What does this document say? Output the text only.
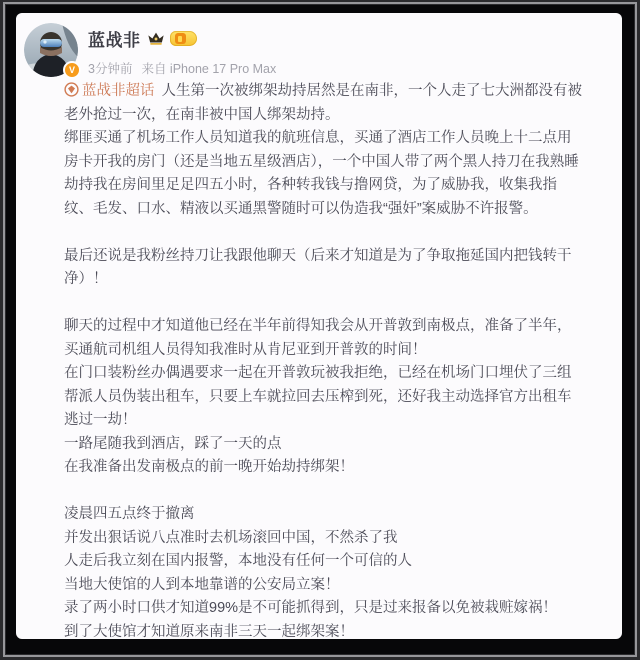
V
蓝战非
3分钟前 来自 iPhone 17 Pro Max
蓝战非超话 人生第一次被绑架劫持居然是在南非，一个人走了七大洲都没有被老外抢过一次，在南非被中国人绑架劫持。
绑匪买通了机场工作人员知道我的航班信息，买通了酒店工作人员晚上十二点用房卡开我的房门（还是当地五星级酒店），一个中国人带了两个黑人持刀在我熟睡劫持我在房间里足足四五小时，各种转我钱与撸网贷，为了威胁我，收集我指纹、毛发、口水、精液以买通黑警随时可以伪造我“强奸”案威胁不许报警。
最后还说是我粉丝持刀让我跟他聊天（后来才知道是为了争取拖延国内把钱转干净）！
聊天的过程中才知道他已经在半年前得知我会从开普敦到南极点，准备了半年，买通航司机组人员得知我准时从肯尼亚到开普敦的时间！
在门口装粉丝办偶遇要求一起在开普敦玩被我拒绝，已经在机场门口埋伏了三组帮派人员伪装出租车，只要上车就拉回去压榨到死，还好我主动选择官方出租车逃过一劫！
一路尾随我到酒店，踩了一天的点
在我准备出发南极点的前一晚开始劫持绑架！
凌晨四五点终于撤离
并发出狠话说八点准时去机场滚回中国，不然杀了我
人走后我立刻在国内报警，本地没有任何一个可信的人
当地大使馆的人到本地靠谱的公安局立案！
录了两小时口供才知道99%是不可能抓得到，只是过来报备以免被栽赃嫁祸！
到了大使馆才知道原来南非三天一起绑架案！
